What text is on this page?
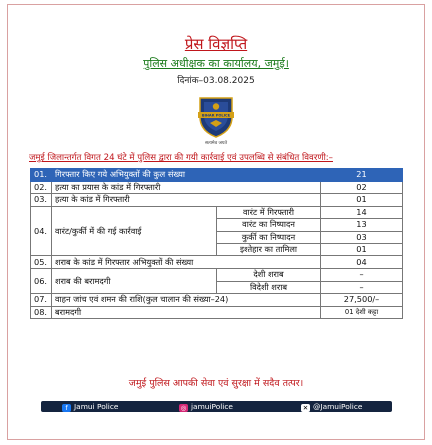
प्रेस विज्ञप्ति
पुलिस अधीक्षक का कार्यालय, जमुई।
दिनांक–03.08.2025
BIHAR POLICE
सत्यमेव जयते
जमुई जिलान्तर्गत विगत 24 घंटे में पुलिस द्वारा की गयी कार्रवाई एवं उपलब्धि से संबंधित विवरणी:–
01.	गिरफ्तार किए गये अभियुक्तों की कुल संख्या		21
02.	हत्या का प्रयास के कांड में गिरफ्तारी		02
03.	हत्या के कांड में गिरफ्तारी		01
04.	वारंट/कुर्की में की गई कार्रवाई	वारंट में गिरफ्तारी	14
		वारंट का निष्पादन	13
		कुर्की का निष्पादन	03
		इश्तेहार का तामिला	01
05.	शराब के कांड में गिरफ्तार अभियुक्तों की संख्या		04
06.	शराब की बरामदगी	देशी शराब	–
		विदेशी शराब	–
07.	वाहन जांच एवं शमन की राशि(कुल चालान की संख्या–24)		27,500/–
08.	बरामदगी		01 देशी कट्टा
जमुई पुलिस आपकी सेवा एवं सुरक्षा में सदैव तत्पर।
f Jamui Police	◎ jamuiPolice	✕ @JamuiPolice
